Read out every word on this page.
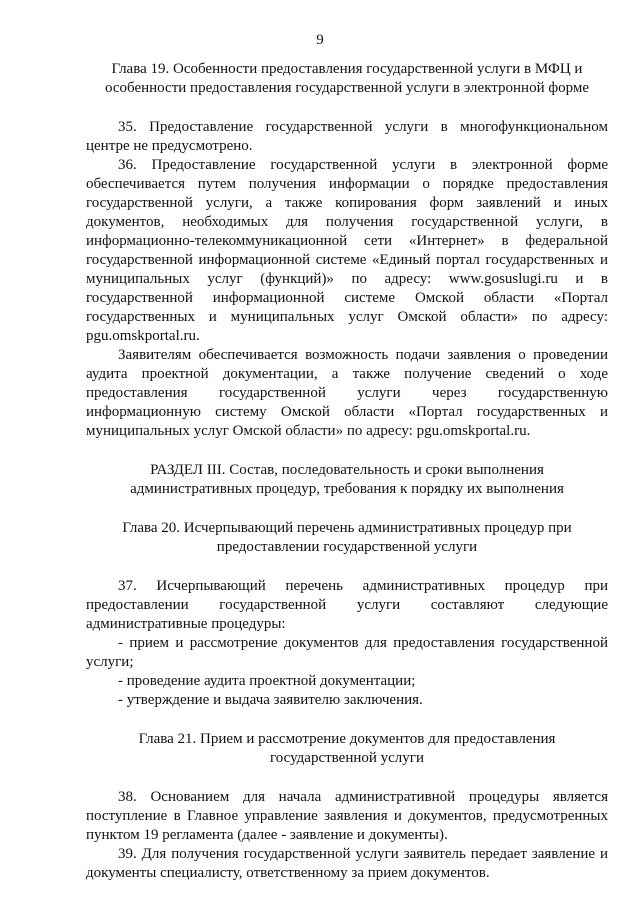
9

Глава 19. Особенности предоставления государственной услуги в МФЦ и особенности предоставления государственной услуги в электронной форме

35. Предоставление государственной услуги в многофункциональном центре не предусмотрено.

36. Предоставление государственной услуги в электронной форме обеспечивается путем получения информации о порядке предоставления государственной услуги, а также копирования форм заявлений и иных документов, необходимых для получения государственной услуги, в информационно-телекоммуникационной сети «Интернет» в федеральной государственной информационной системе «Единый портал государственных и муниципальных услуг (функций)» по адресу: www.gosuslugi.ru и в государственной информационной системе Омской области «Портал государственных и муниципальных услуг Омской области» по адресу: pgu.omskportal.ru.

Заявителям обеспечивается возможность подачи заявления о проведении аудита проектной документации, а также получение сведений о ходе предоставления государственной услуги через государственную информационную систему Омской области «Портал государственных и муниципальных услуг Омской области» по адресу: pgu.omskportal.ru.

РАЗДЕЛ III. Состав, последовательность и сроки выполнения административных процедур, требования к порядку их выполнения

Глава 20. Исчерпывающий перечень административных процедур при предоставлении государственной услуги

37. Исчерпывающий перечень административных процедур при предоставлении государственной услуги составляют следующие административные процедуры:

- прием и рассмотрение документов для предоставления государственной услуги;

- проведение аудита проектной документации;

- утверждение и выдача заявителю заключения.

Глава 21. Прием и рассмотрение документов для предоставления государственной услуги

38. Основанием для начала административной процедуры является поступление в Главное управление заявления и документов, предусмотренных пунктом 19 регламента (далее - заявление и документы).

39. Для получения государственной услуги заявитель передает заявление и документы специалисту, ответственному за прием документов.
